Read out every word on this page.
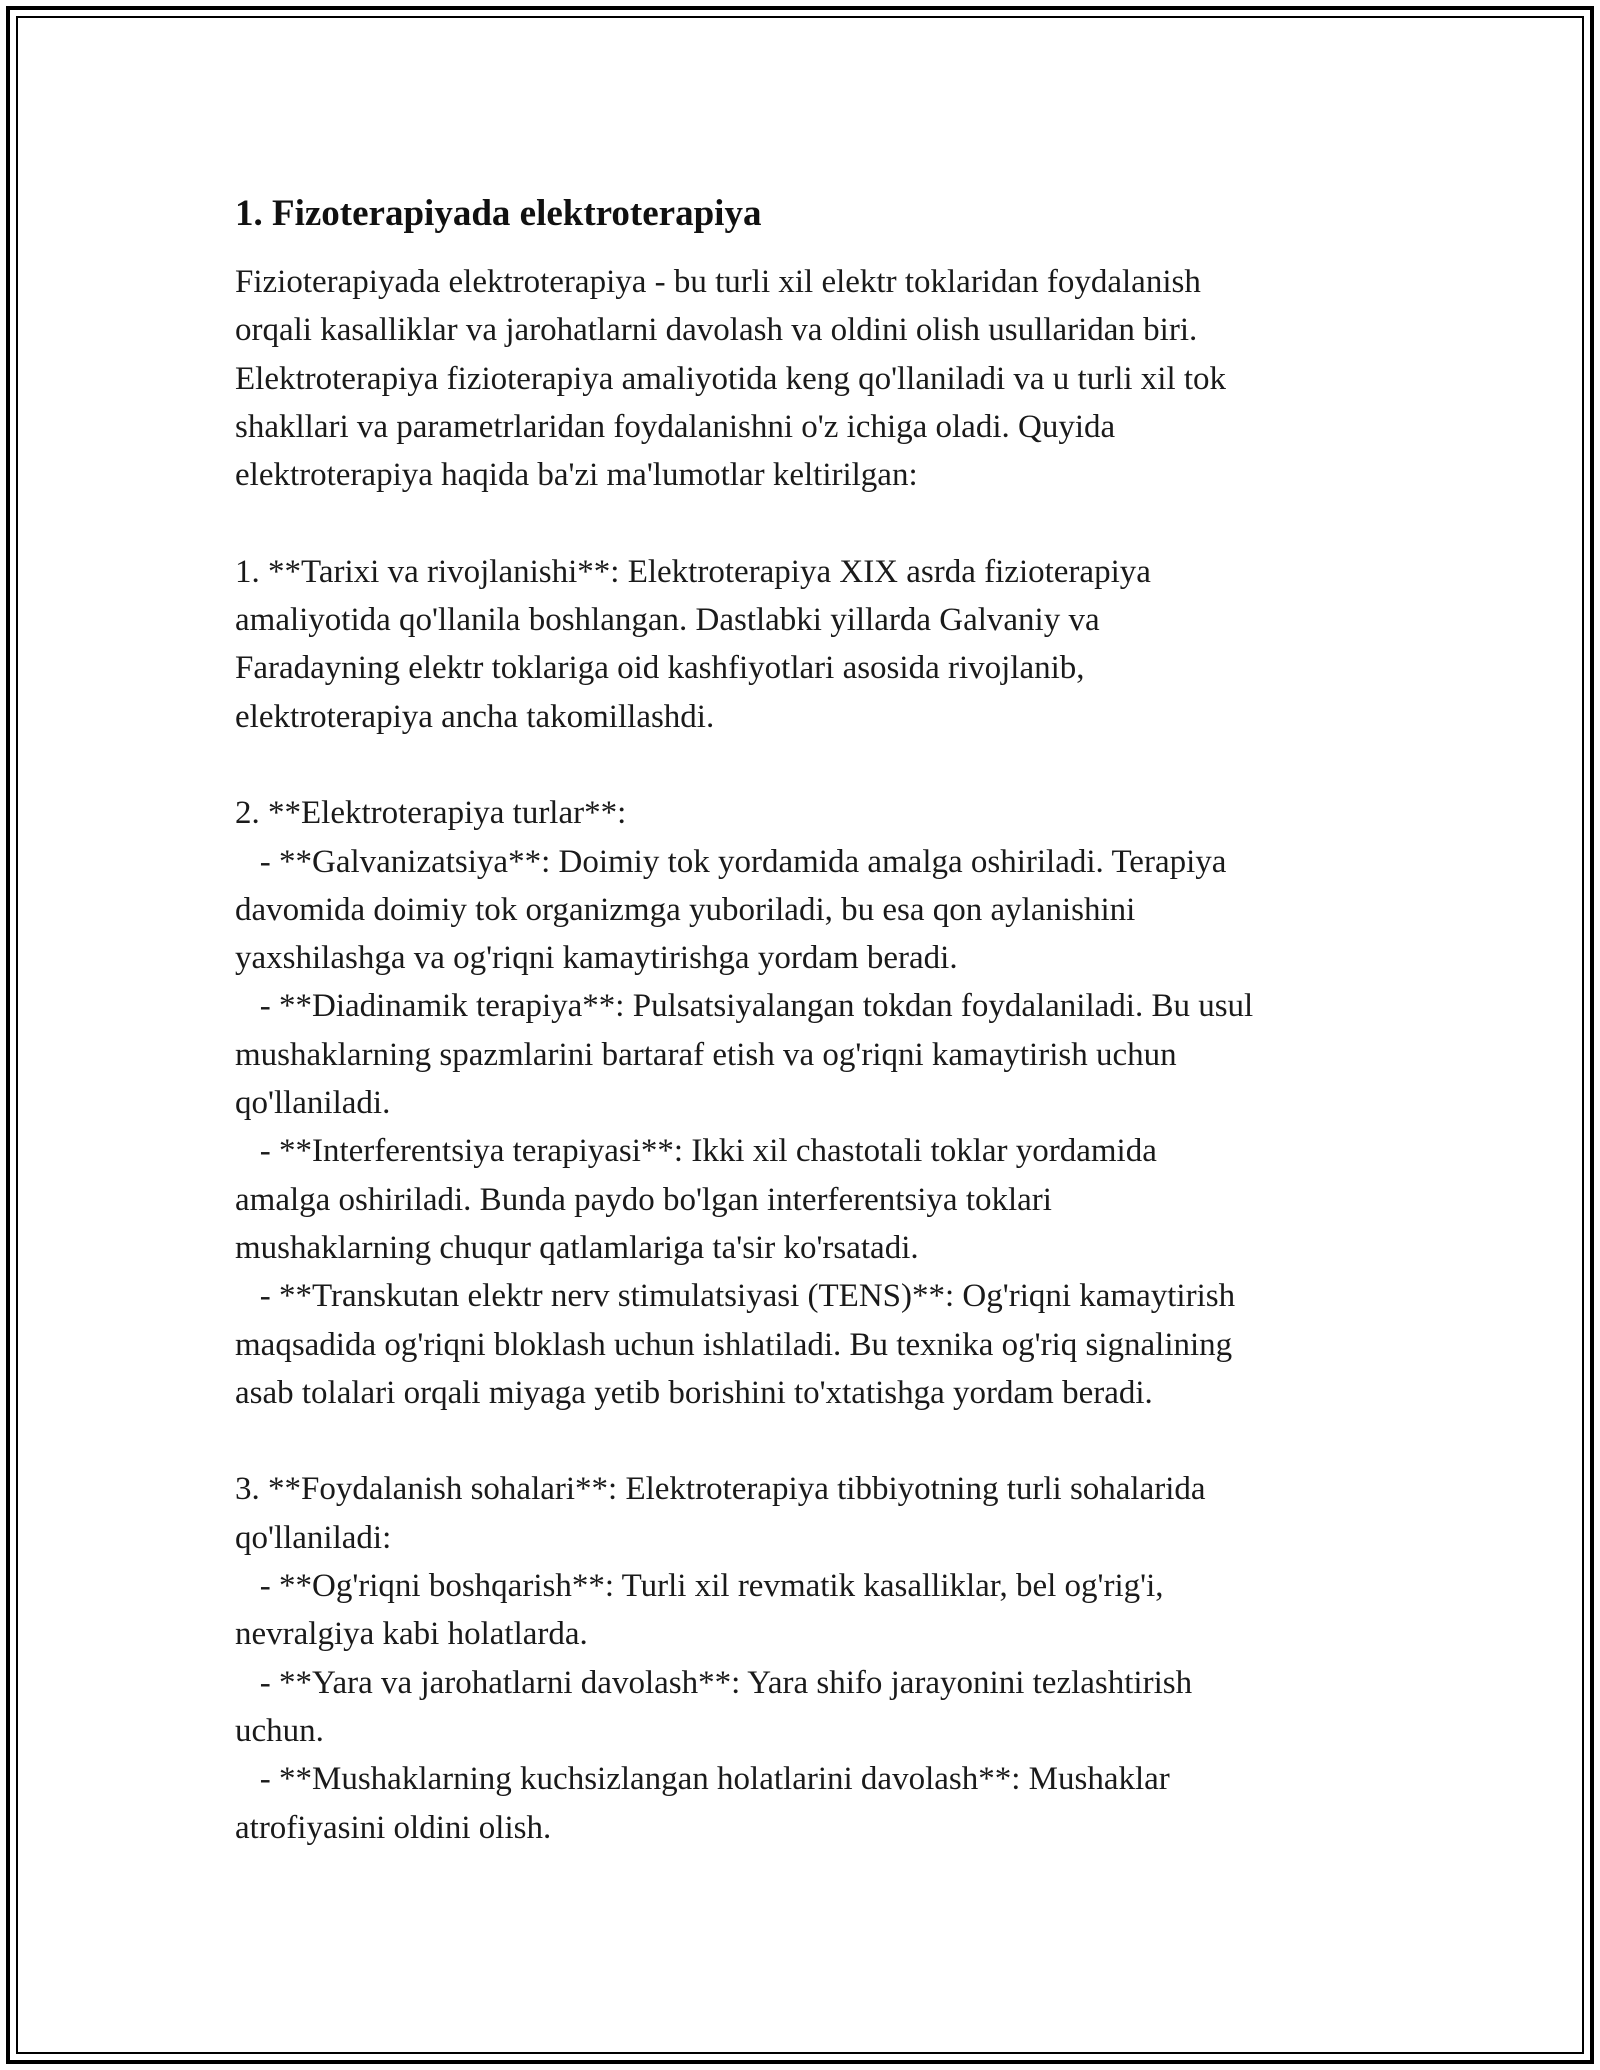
1. Fizoterapiyada elektroterapiya

Fizioterapiyada elektroterapiya - bu turli xil elektr toklaridan foydalanish
orqali kasalliklar va jarohatlarni davolash va oldini olish usullaridan biri.
Elektroterapiya fizioterapiya amaliyotida keng qo'llaniladi va u turli xil tok
shakllari va parametrlaridan foydalanishni o'z ichiga oladi. Quyida
elektroterapiya haqida ba'zi ma'lumotlar keltirilgan:

1. **Tarixi va rivojlanishi**: Elektroterapiya XIX asrda fizioterapiya
amaliyotida qo'llanila boshlangan. Dastlabki yillarda Galvaniy va
Faradayning elektr toklariga oid kashfiyotlari asosida rivojlanib,
elektroterapiya ancha takomillashdi.

2. **Elektroterapiya turlar**:
- **Galvanizatsiya**: Doimiy tok yordamida amalga oshiriladi. Terapiya
davomida doimiy tok organizmga yuboriladi, bu esa qon aylanishini
yaxshilashga va og'riqni kamaytirishga yordam beradi.
- **Diadinamik terapiya**: Pulsatsiyalangan tokdan foydalaniladi. Bu usul
mushaklarning spazmlarini bartaraf etish va og'riqni kamaytirish uchun
qo'llaniladi.
- **Interferentsiya terapiyasi**: Ikki xil chastotali toklar yordamida
amalga oshiriladi. Bunda paydo bo'lgan interferentsiya toklari
mushaklarning chuqur qatlamlariga ta'sir ko'rsatadi.
- **Transkutan elektr nerv stimulatsiyasi (TENS)**: Og'riqni kamaytirish
maqsadida og'riqni bloklash uchun ishlatiladi. Bu texnika og'riq signalining
asab tolalari orqali miyaga yetib borishini to'xtatishga yordam beradi.

3. **Foydalanish sohalari**: Elektroterapiya tibbiyotning turli sohalarida
qo'llaniladi:
- **Og'riqni boshqarish**: Turli xil revmatik kasalliklar, bel og'rig'i,
nevralgiya kabi holatlarda.
- **Yara va jarohatlarni davolash**: Yara shifo jarayonini tezlashtirish
uchun.
- **Mushaklarning kuchsizlangan holatlarini davolash**: Mushaklar
atrofiyasini oldini olish.
